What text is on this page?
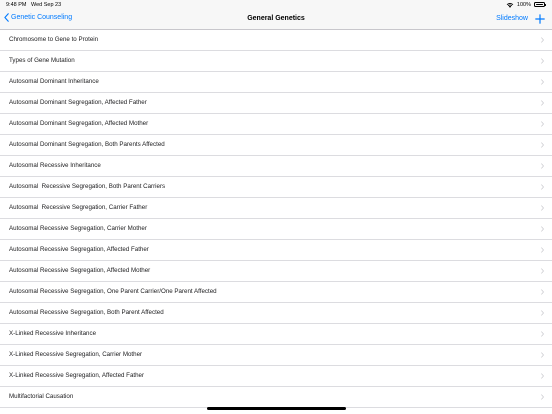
9:48 PM Wed Sep 23	100%
Genetic Counseling	General Genetics	Slideshow
Chromosome to Gene to Protein
Types of Gene Mutation
Autosomal Dominant Inheritance
Autosomal Dominant Segregation, Affected Father
Autosomal Dominant Segregation, Affected Mother
Autosomal Dominant Segregation, Both Parents Affected
Autosomal Recessive Inheritance
Autosomal  Recessive Segregation, Both Parent Carriers
Autosomal  Recessive Segregation, Carrier Father
Autosomal Recessive Segregation, Carrier Mother
Autosomal Recessive Segregation, Affected Father
Autosomal Recessive Segregation, Affected Mother
Autosomal Recessive Segregation, One Parent Carrier/One Parent Affected
Autosomal Recessive Segregation, Both Parent Affected
X-Linked Recessive Inheritance
X-Linked Recessive Segregation, Carrier Mother
X-Linked Recessive Segregation, Affected Father
Multifactorial Causation
